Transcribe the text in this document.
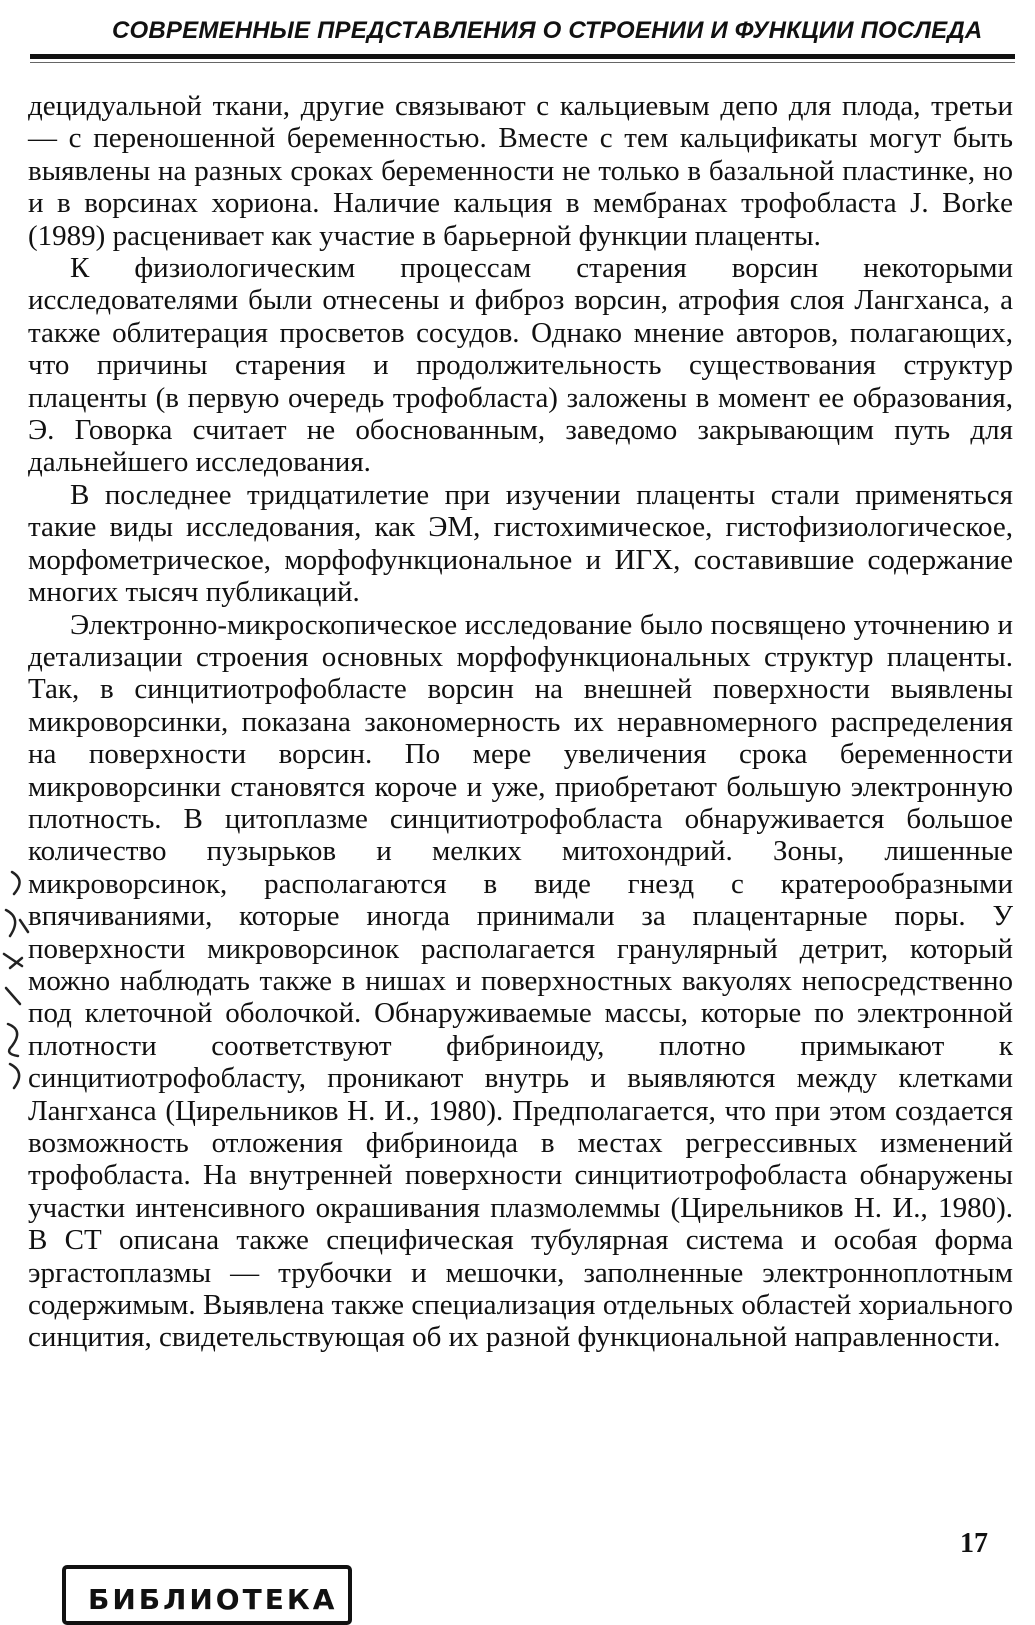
СОВРЕМЕННЫЕ ПРЕДСТАВЛЕНИЯ О СТРОЕНИИ И ФУНКЦИИ ПОСЛЕДА

децидуальной ткани, другие связывают с кальциевым депо для плода, третьи — с переношенной беременностью. Вместе с тем кальцификаты могут быть выявлены на разных сроках беременности не только в базальной пластинке, но и в ворсинах хориона. Наличие кальция в мембранах трофобласта J. Borke (1989) расценивает как участие в барьерной функции плаценты.

К физиологическим процессам старения ворсин некоторыми исследователями были отнесены и фиброз ворсин, атрофия слоя Лангханса, а также облитерация просветов сосудов. Однако мнение авторов, полагающих, что причины старения и продолжительность существования структур плаценты (в первую очередь трофобласта) заложены в момент ее образования, Э. Говорка считает не обоснованным, заведомо закрывающим путь для дальнейшего исследования.

В последнее тридцатилетие при изучении плаценты стали применяться такие виды исследования, как ЭМ, гистохимическое, гистофизиологическое, морфометрическое, морфофункциональное и ИГХ, составившие содержание многих тысяч публикаций.

Электронно-микроскопическое исследование было посвящено уточнению и детализации строения основных морфофункциональных структур плаценты. Так, в синцитиотрофобласте ворсин на внешней поверхности выявлены микроворсинки, показана закономерность их неравномерного распределения на поверхности ворсин. По мере увеличения срока беременности микроворсинки становятся короче и уже, приобретают большую электронную плотность. В цитоплазме синцитиотрофобласта обнаруживается большое количество пузырьков и мелких митохондрий. Зоны, лишенные микроворсинок, располагаются в виде гнезд с кратерообразными впячиваниями, которые иногда принимали за плацентарные поры. У поверхности микроворсинок располагается гранулярный детрит, который можно наблюдать также в нишах и поверхностных вакуолях непосредственно под клеточной оболочкой. Обнаруживаемые массы, которые по электронной плотности соответствуют фибриноиду, плотно примыкают к синцитиотрофобласту, проникают внутрь и выявляются между клетками Лангханса (Цирельников Н. И., 1980). Предполагается, что при этом создается возможность отложения фибриноида в местах регрессивных изменений трофобласта. На внутренней поверхности синцитиотрофобласта обнаружены участки интенсивного окрашивания плазмолеммы (Цирельников Н. И., 1980). В СТ описана также специфическая тубулярная система и особая форма эргастоплазмы — трубочки и мешочки, заполненные электронноплотным содержимым. Выявлена также специализация отдельных областей хориального синцития, свидетельствующая об их разной функциональной направленности.

17
БИБЛИОТЕКА
